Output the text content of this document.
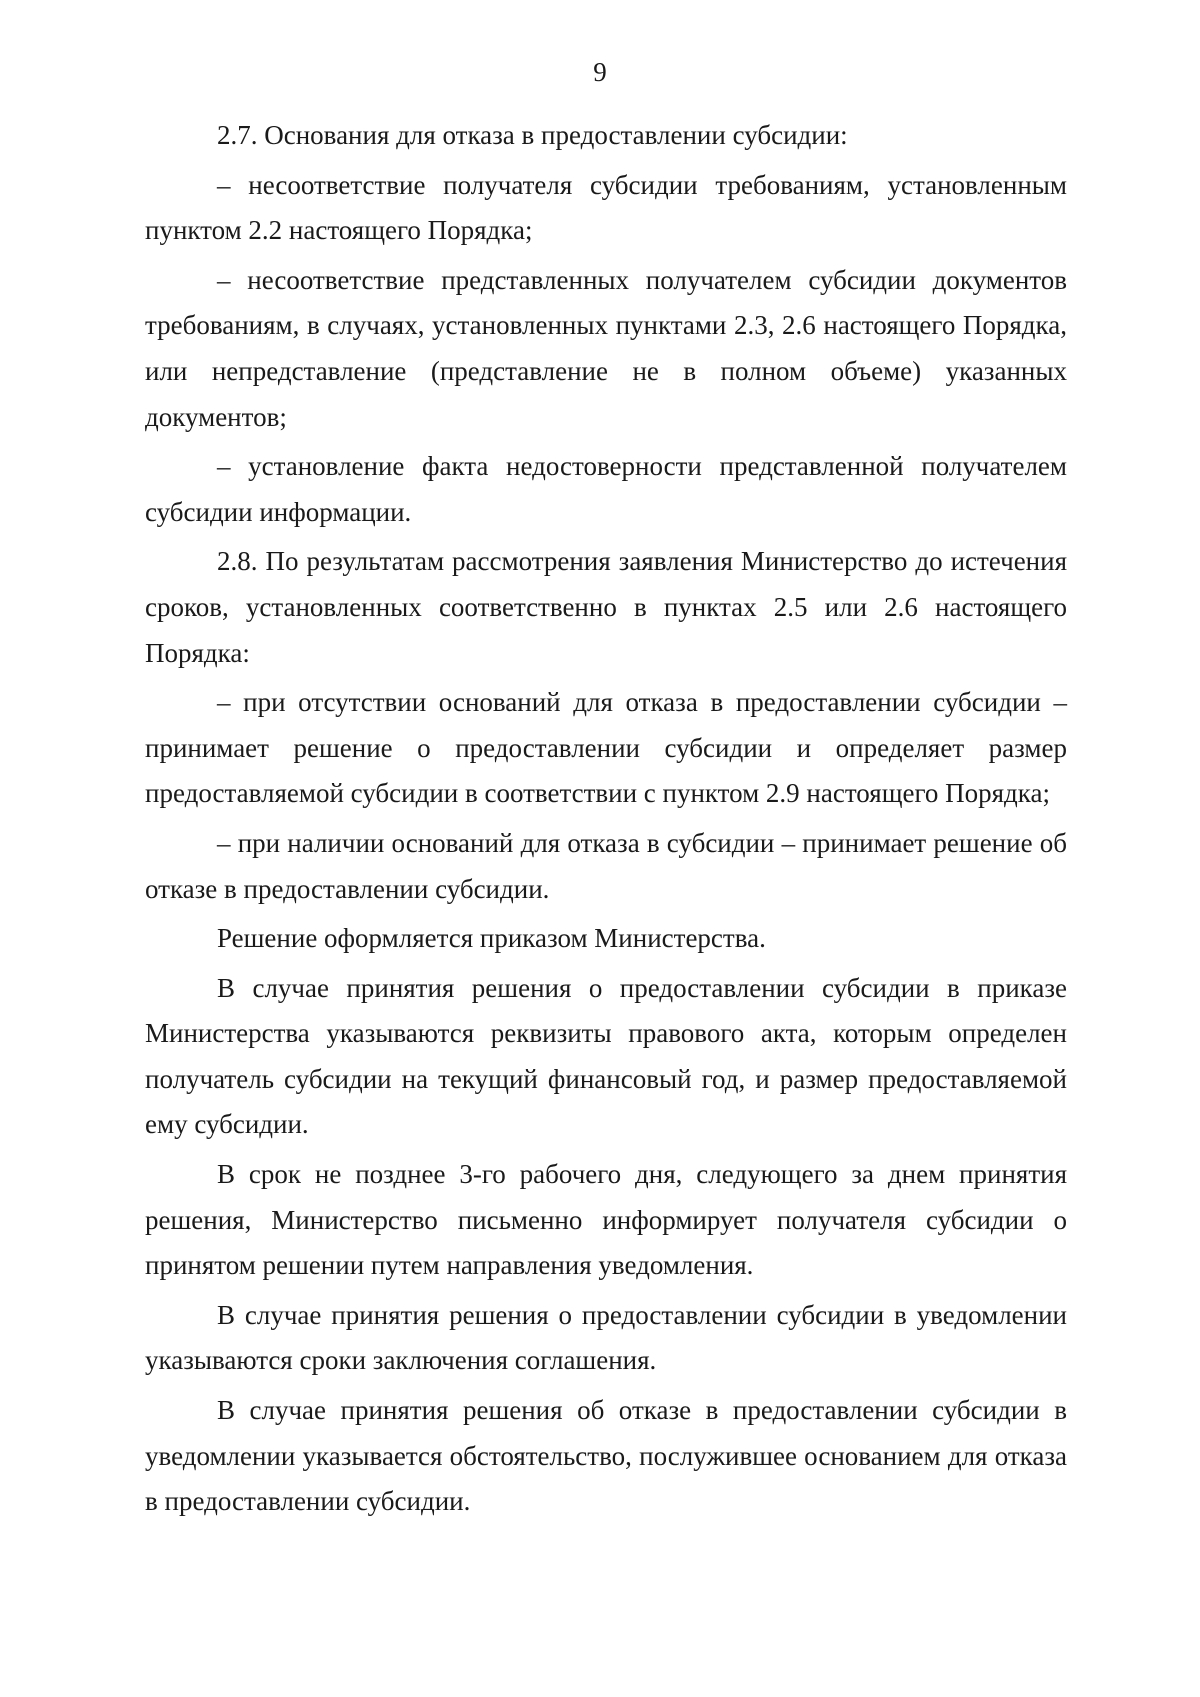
9

2.7. Основания для отказа в предоставлении субсидии:

– несоответствие получателя субсидии требованиям, установленным пунктом 2.2 настоящего Порядка;

– несоответствие представленных получателем субсидии документов требованиям, в случаях, установленных пунктами 2.3, 2.6 настоящего Порядка, или непредставление (представление не в полном объеме) указанных документов;

– установление факта недостоверности представленной получателем субсидии информации.

2.8. По результатам рассмотрения заявления Министерство до истечения сроков, установленных соответственно в пунктах 2.5 или 2.6 настоящего Порядка:

– при отсутствии оснований для отказа в предоставлении субсидии – принимает решение о предоставлении субсидии и определяет размер предоставляемой субсидии в соответствии с пунктом 2.9 настоящего Порядка;

– при наличии оснований для отказа в субсидии – принимает решение об отказе в предоставлении субсидии.

Решение оформляется приказом Министерства.

В случае принятия решения о предоставлении субсидии в приказе Министерства указываются реквизиты правового акта, которым определен получатель субсидии на текущий финансовый год, и размер предоставляемой ему субсидии.

В срок не позднее 3-го рабочего дня, следующего за днем принятия решения, Министерство письменно информирует получателя субсидии о принятом решении путем направления уведомления.

В случае принятия решения о предоставлении субсидии в уведомлении указываются сроки заключения соглашения.

В случае принятия решения об отказе в предоставлении субсидии в уведомлении указывается обстоятельство, послужившее основанием для отказа в предоставлении субсидии.
